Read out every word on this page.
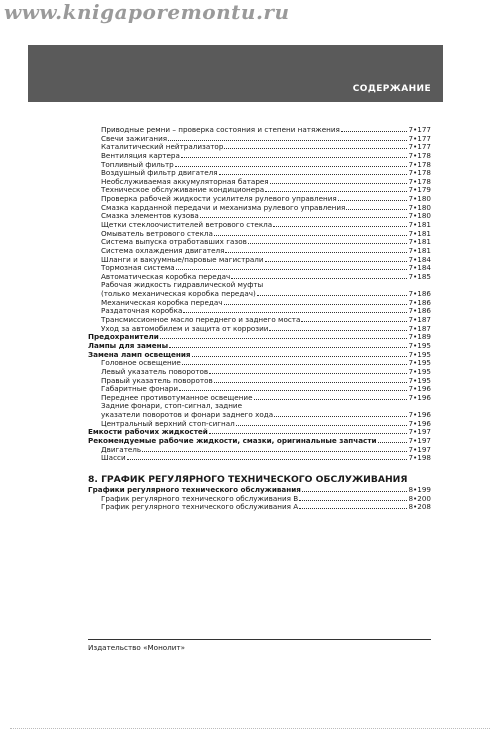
www.knigaporemontu.ru
СОДЕРЖАНИЕ
Приводные ремни – проверка состояния и степени натяжения	7•177
Свечи зажигания	7•177
Каталитический нейтрализатор	7•177
Вентиляция картера	7•178
Топливный фильтр	7•178
Воздушный фильтр двигателя	7•178
Необслуживаемая аккумуляторная батарея	7•178
Техническое обслуживание кондиционера	7•179
Проверка рабочей жидкости усилителя рулевого управления	7•180
Смазка карданной передачи и механизма рулевого управления	7•180
Смазка элементов кузова	7•180
Щетки стеклоочистителей ветрового стекла	7•181
Омыватель ветрового стекла	7•181
Система выпуска отработавших газов	7•181
Система охлаждения двигателя	7•181
Шланги и вакуумные/паровые магистрали	7•184
Тормозная система	7•184
Автоматическая коробка передач	7•185
Рабочая жидкость гидравлической муфты
(только механическая коробка передач)	7•186
Механическая коробка передач	7•186
Раздаточная коробка	7•186
Трансмиссионное масло переднего и заднего моста	7•187
Уход за автомобилем и защита от коррозии	7•187
Предохранители	7•189
Лампы для замены	7•195
Замена ламп освещения	7•195
Головное освещение	7•195
Левый указатель поворотов	7•195
Правый указатель поворотов	7•195
Габаритные фонари	7•196
Переднее противотуманное освещение	7•196
Задние фонари, стоп-сигнал, задние
указатели поворотов и фонари заднего хода	7•196
Центральный верхний стоп-сигнал	7•196
Емкости рабочих жидкостей	7•197
Рекомендуемые рабочие жидкости, смазки, оригинальные запчасти	7•197
Двигатель	7•197
Шасси	7•198
8. ГРАФИК РЕГУЛЯРНОГО ТЕХНИЧЕСКОГО ОБСЛУЖИВАНИЯ
Графики регулярного технического обслуживания	8•199
График регулярного технического обслуживания В	8•200
График регулярного технического обслуживания А	8•208
Издательство «Монолит»
